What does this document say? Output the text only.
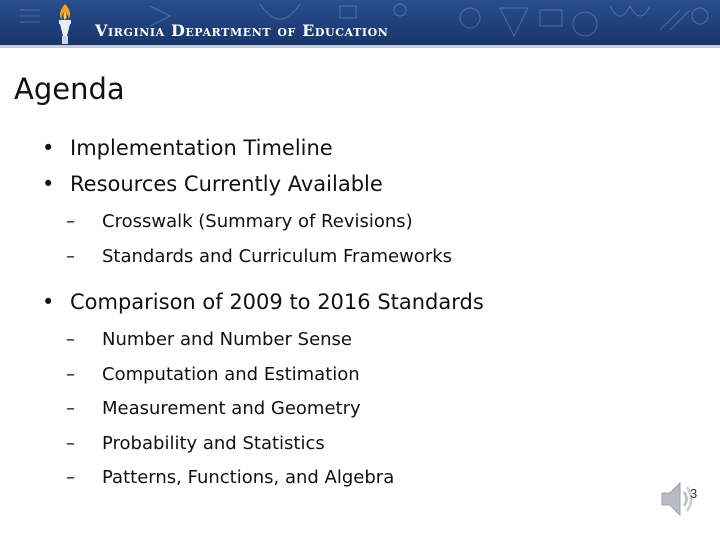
Virginia Department of Education
Agenda
• Implementation Timeline
• Resources Currently Available
– Crosswalk (Summary of Revisions)
– Standards and Curriculum Frameworks
• Comparison of 2009 to 2016 Standards
– Number and Number Sense
– Computation and Estimation
– Measurement and Geometry
– Probability and Statistics
– Patterns, Functions, and Algebra
3
